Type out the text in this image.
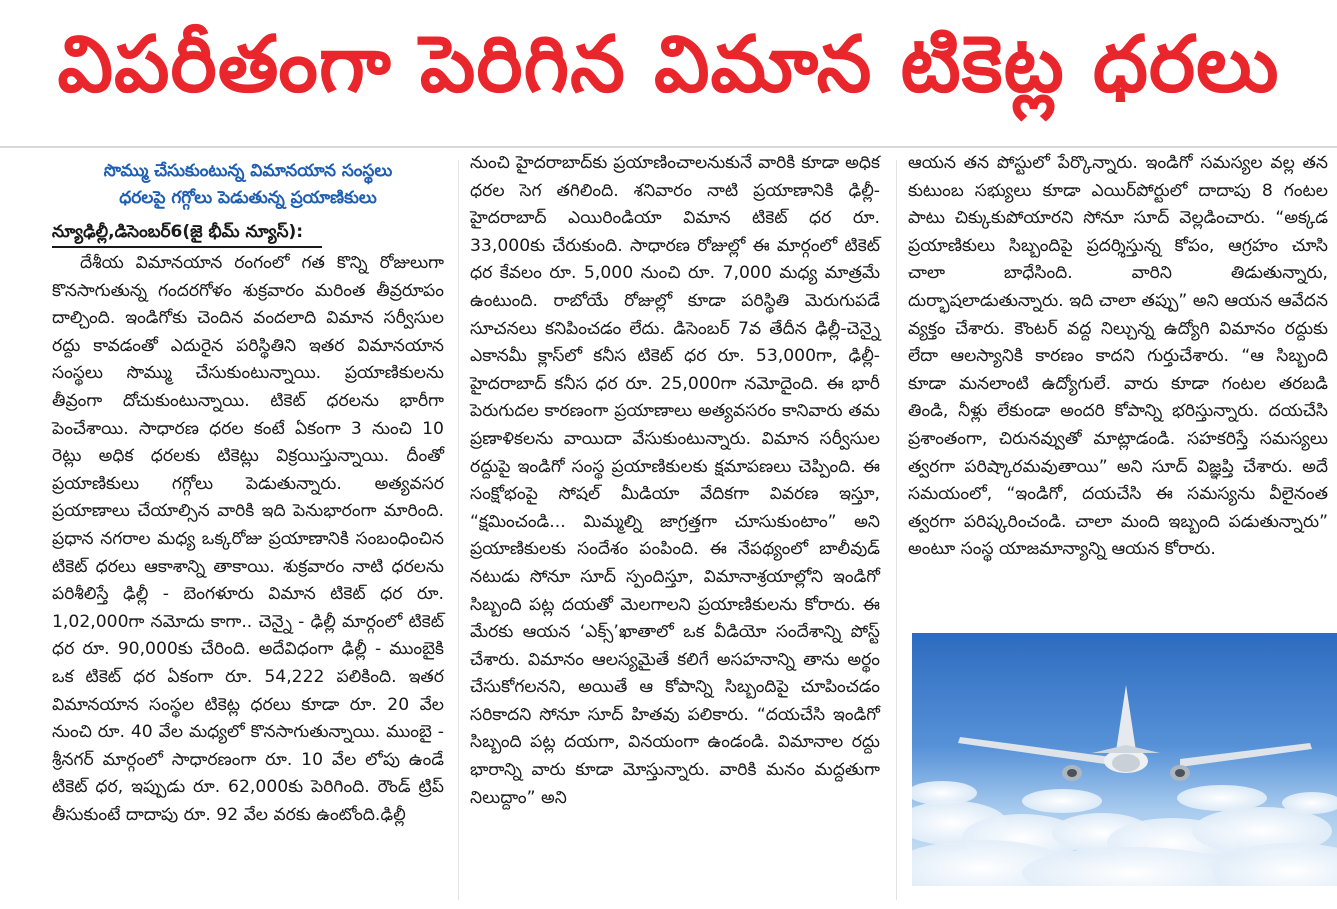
విపరీతంగా పెరిగిన విమాన టికెట్ల ధరలు
సొమ్ము చేసుకుంటున్న విమానయాన సంస్థలు
ధరలపై గగ్గోలు పెడుతున్న ప్రయాణికులు
న్యూఢిల్లీ,డిసెంబర్6(జై భీమ్ న్యూస్):

దేశీయ విమానయాన రంగంలో గత కొన్ని రోజులుగా కొనసాగుతున్న గందరగోళం శుక్రవారం మరింత తీవ్రరూపం దాల్చింది. ఇండిగోకు చెందిన వందలాది విమాన సర్వీసుల రద్దు కావడంతో ఎదురైన పరిస్థితిని ఇతర విమానయాన సంస్థలు సొమ్ము చేసుకుంటున్నాయి. ప్రయాణికులను తీవ్రంగా దోచుకుంటున్నాయి. టికెట్ ధరలను భారీగా పెంచేశాయి. సాధారణ ధరల కంటే ఏకంగా 3 నుంచి 10 రెట్లు అధిక ధరలకు టికెట్లు విక్రయిస్తున్నాయి. దీంతో ప్రయాణికులు గగ్గోలు పెడుతున్నారు. అత్యవసర ప్రయాణాలు చేయాల్సిన వారికి ఇది పెనుభారంగా మారింది. ప్రధాన నగరాల మధ్య ఒక్కరోజు ప్రయాణానికి సంబంధించిన టికెట్ ధరలు ఆకాశాన్ని తాకాయి. శుక్రవారం నాటి ధరలను పరిశీలిస్తే ఢిల్లీ - బెంగళూరు విమాన టికెట్ ధర రూ. 1,02,000గా నమోదు కాగా.. చెన్నై - ఢిల్లీ మార్గంలో టికెట్ ధర రూ. 90,000కు చేరింది. అదేవిధంగా ఢిల్లీ - ముంబైకి ఒక టికెట్ ధర ఏకంగా రూ. 54,222 పలికింది. ఇతర విమానయాన సంస్థల టికెట్ల ధరలు కూడా రూ. 20 వేల నుంచి రూ. 40 వేల మధ్యలో కొనసాగుతున్నాయి. ముంబై - శ్రీనగర్ మార్గంలో సాధారణంగా రూ. 10 వేల లోపు ఉండే టికెట్ ధర, ఇప్పుడు రూ. 62,000కు పెరిగింది. రౌండ్ ట్రిప్ తీసుకుంటే దాదాపు రూ. 92 వేల వరకు ఉంటోంది.ఢిల్లీ

నుంచి హైదరాబాద్‌కు ప్రయాణించాలనుకునే వారికి కూడా అధిక ధరల సెగ తగిలింది. శనివారం నాటి ప్రయాణానికి ఢిల్లీ-హైదరాబాద్ ఎయిరిండియా విమాన టికెట్ ధర రూ. 33,000కు చేరుకుంది. సాధారణ రోజుల్లో ఈ మార్గంలో టికెట్ ధర కేవలం రూ. 5,000 నుంచి రూ. 7,000 మధ్య మాత్రమే ఉంటుంది. రాబోయే రోజుల్లో కూడా పరిస్థితి మెరుగుపడే సూచనలు కనిపించడం లేదు. డిసెంబర్ 7వ తేదీన ఢిల్లీ-చెన్నై ఎకానమీ క్లాస్‌లో కనీస టికెట్ ధర రూ. 53,000గా, ఢిల్లీ-హైదరాబాద్ కనీస ధర రూ. 25,000గా నమోదైంది. ఈ భారీ పెరుగుదల కారణంగా ప్రయాణాలు అత్యవసరం కానివారు తమ ప్రణాళికలను వాయిదా వేసుకుంటున్నారు. విమాన సర్వీసుల రద్దుపై ఇండిగో సంస్థ ప్రయాణికులకు క్షమాపణలు చెప్పింది. ఈ సంక్షోభంపై సోషల్ మీడియా వేదికగా వివరణ ఇస్తూ, “క్షమించండి... మిమ్మల్ని జాగ్రత్తగా చూసుకుంటాం” అని ప్రయాణికులకు సందేశం పంపింది. ఈ నేపథ్యంలో బాలీవుడ్ నటుడు సోనూ సూద్ స్పందిస్తూ, విమానాశ్రయాల్లోని ఇండిగో సిబ్బంది పట్ల దయతో మెలగాలని ప్రయాణికులను కోరారు. ఈ మేరకు ఆయన ‘ఎక్స్’ఖాతాలో ఒక వీడియో సందేశాన్ని పోస్ట్ చేశారు. విమానం ఆలస్యమైతే కలిగే అసహనాన్ని తాను అర్థం చేసుకోగలనని, అయితే ఆ కోపాన్ని సిబ్బందిపై చూపించడం సరికాదని సోనూ సూద్ హితవు పలికారు. “దయచేసి ఇండిగో సిబ్బంది పట్ల దయగా, వినయంగా ఉండండి. విమానాల రద్దు భారాన్ని వారు కూడా మోస్తున్నారు. వారికి మనం మద్దతుగా నిలుద్దాం” అని

ఆయన తన పోస్టులో పేర్కొన్నారు. ఇండిగో సమస్యల వల్ల తన కుటుంబ సభ్యులు కూడా ఎయిర్‌పోర్టులో దాదాపు 8 గంటల పాటు చిక్కుకుపోయారని సోనూ సూద్ వెల్లడించారు. “అక్కడ ప్రయాణికులు సిబ్బందిపై ప్రదర్శిస్తున్న కోపం, ఆగ్రహం చూసి చాలా బాధేసింది. వారిని తిడుతున్నారు, దుర్భాషలాడుతున్నారు. ఇది చాలా తప్పు” అని ఆయన ఆవేదన వ్యక్తం చేశారు. కౌంటర్ వద్ద నిల్చున్న ఉద్యోగి విమానం రద్దుకు లేదా ఆలస్యానికి కారణం కాదని గుర్తుచేశారు. “ఆ సిబ్బంది కూడా మనలాంటి ఉద్యోగులే. వారు కూడా గంటల తరబడి తిండి, నీళ్లు లేకుండా అందరి కోపాన్ని భరిస్తున్నారు. దయచేసి ప్రశాంతంగా, చిరునవ్వుతో మాట్లాడండి. సహకరిస్తే సమస్యలు త్వరగా పరిష్కారమవుతాయి” అని సూద్ విజ్ఞప్తి చేశారు. అదే సమయంలో, “ఇండిగో, దయచేసి ఈ సమస్యను వీలైనంత త్వరగా పరిష్కరించండి. చాలా మంది ఇబ్బంది పడుతున్నారు” అంటూ సంస్థ యాజమాన్యాన్ని ఆయన కోరారు.
